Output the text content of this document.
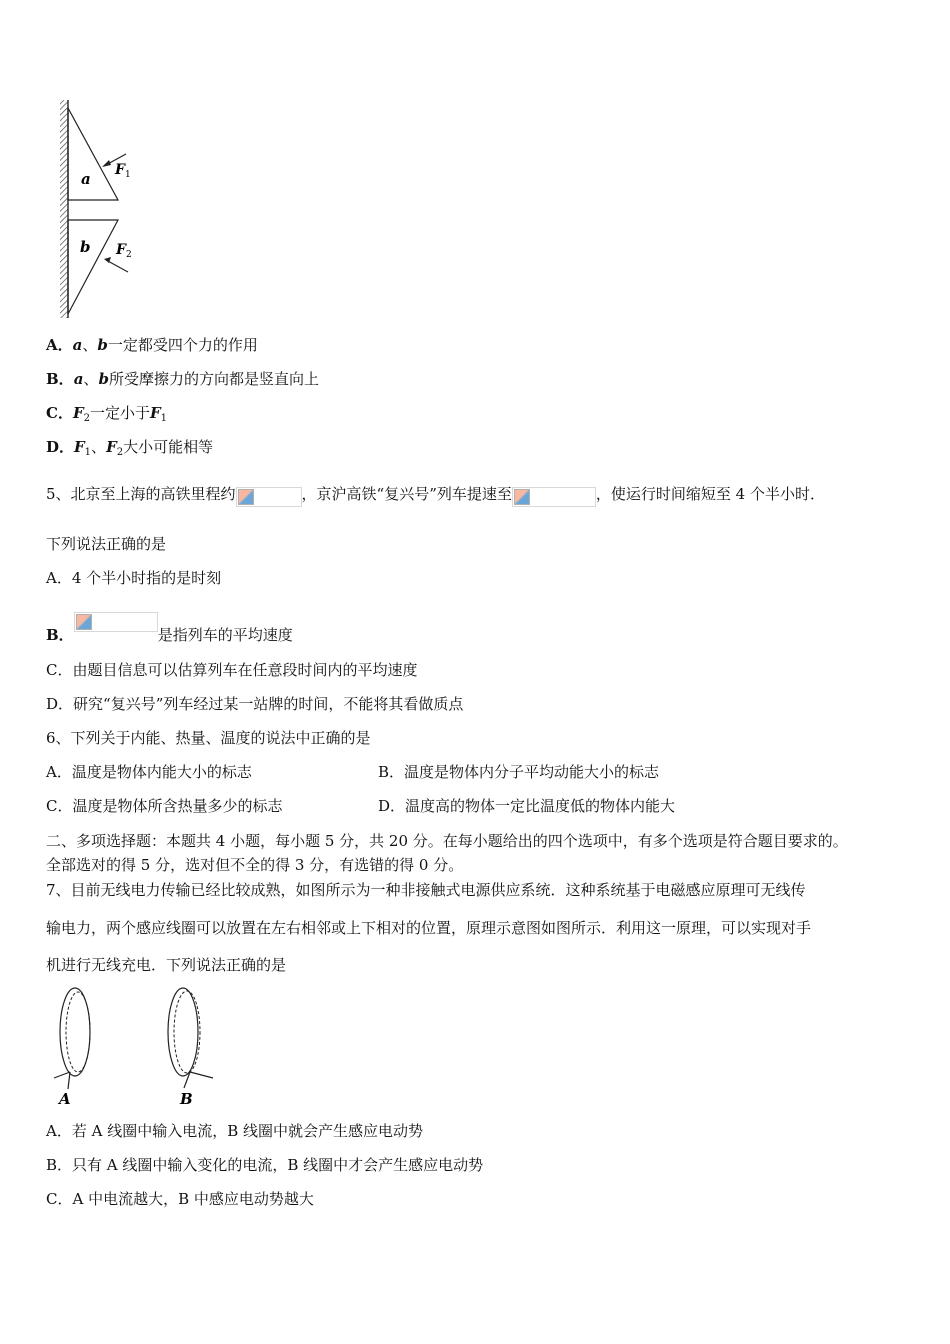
a
b
F 1
F 2
A．a、b一定都受四个力的作用
B．a、b所受摩擦力的方向都是竖直向上
C．$F_2$一定小于$F_1$
D．$F_1$、$F_2$大小可能相等
5、北京至上海的高铁里程约	，京沪高铁“复兴号”列车提速至	，使运行时间缩短至 4 个半小时．
下列说法正确的是
A．4 个半小时指的是时刻
B．	是指列车的平均速度
C．由题目信息可以估算列车在任意段时间内的平均速度
D．研究“复兴号”列车经过某一站牌的时间，不能将其看做质点
6、下列关于内能、热量、温度的说法中正确的是
A．温度是物体内能大小的标志	B．温度是物体内分子平均动能大小的标志
C．温度是物体所含热量多少的标志	D．温度高的物体一定比温度低的物体内能大
二、多项选择题：本题共 4 小题，每小题 5 分，共 20 分。在每小题给出的四个选项中，有多个选项是符合题目要求的。
全部选对的得 5 分，选对但不全的得 3 分，有选错的得 0 分。
7、目前无线电力传输已经比较成熟，如图所示为一种非接触式电源供应系统．这种系统基于电磁感应原理可无线传
输电力，两个感应线圈可以放置在左右相邻或上下相对的位置，原理示意图如图所示．利用这一原理，可以实现对手
机进行无线充电．下列说法正确的是
A	B
A．若 A 线圈中输入电流，B 线圈中就会产生感应电动势
B．只有 A 线圈中输入变化的电流，B 线圈中才会产生感应电动势
C．A 中电流越大，B 中感应电动势越大
